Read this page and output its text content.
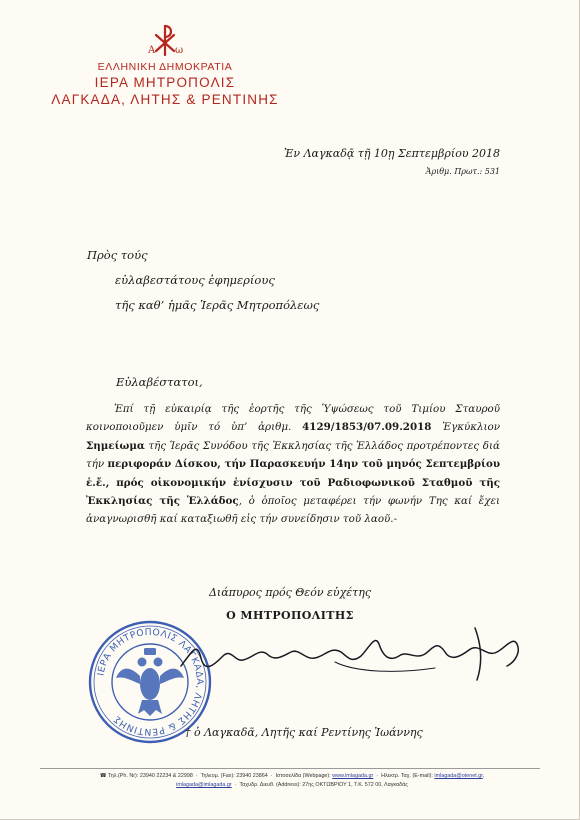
A ω
ΕΛΛΗΝΙΚΗ ΔΗΜΟΚΡΑΤΙΑ
ΙΕΡΑ ΜΗΤΡΟΠΟΛΙΣ
ΛΑΓΚΑΔΑ, ΛΗΤΗΣ & ΡΕΝΤΙΝΗΣ
Ἐν Λαγκαδᾷ τῇ 10ῃ Σεπτεμβρίου 2018
Ἀριθμ. Πρωτ.: 531
Πρὸς τούς
εὐλαβεστάτους ἐφημερίους
τῆς καθ’ ἡμᾶς Ἱερᾶς Μητροπόλεως
Εὐλαβέστατοι,

Ἐπί τῇ εὐκαιρίᾳ τῆς ἑορτῆς τῆς Ὑψώσεως τοῦ Τιμίου Σταυροῦ κοινοποιοῦμεν ὑμῖν τό ὑπ’ ἀριθμ. 4129/1853/07.09.2018 Ἐγκύκλιον Σημείωμα τῆς Ἱερᾶς Συνόδου τῆς Ἐκκλησίας τῆς Ἑλλάδος προτρέποντες διά τήν περιφοράν Δίσκου, τήν Παρασκευήν 14ην τοῦ μηνός Σεπτεμβρίου ἐ.ἔ., πρός οἰκονομικήν ἐνίσχυσιν τοῦ Ραδιοφωνικοῦ Σταθμοῦ τῆς Ἐκκλησίας τῆς Ἑλλάδος, ὁ ὁποῖος μεταφέρει τήν φωνήν Της καί ἔχει ἀναγνωρισθῆ καί καταξιωθῆ εἰς τήν συνείδησιν τοῦ λαοῦ.-

Διάπυρος πρός Θεόν εὐχέτης
Ο ΜΗΤΡΟΠΟΛΙΤΗΣ
ΙΕΡΑ ΜΗΤΡΟΠΟΛΙΣ ΛΑΓΚΑΔΑ, ΛΗΤΗΣ & ΡΕΝΤΙΝΗΣ
† ὁ Λαγκαδᾶ, Λητῆς καί Ρεντίνης Ἰωάννης
☎ Τηλ.(Ph. Nr): 23940 22234 & 22998  ·  Τηλεομ. (Fax): 23940 23864  ·  Ιστοσελίδα (Webpage): www.imlagada.gr  ·  Ηλεκτρ. Ταχ. (E-mail): imlagada@otenet.gr,
imlagada@imlagada.gr  ·  Ταχυδρ. Διευθ. (Address): 27ης ΟΚΤΩΒΡΙΟΥ 1, Τ.Κ. 572 00, Λαγκαδάς
